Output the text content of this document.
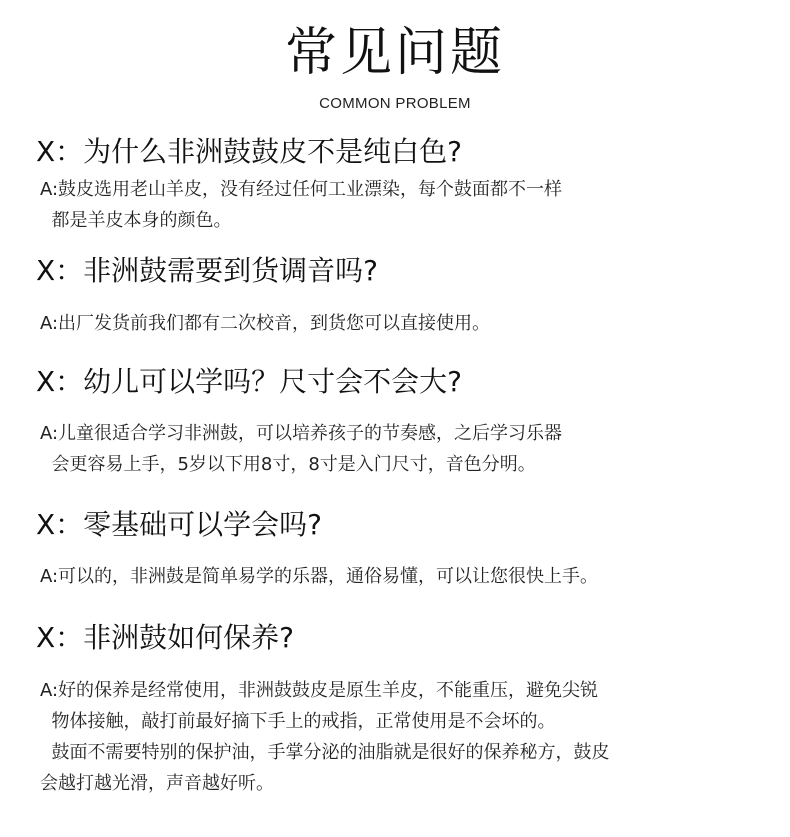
常见问题
COMMON PROBLEM
X：为什么非洲鼓鼓皮不是纯白色?
A:鼓皮选用老山羊皮，没有经过任何工业漂染，每个鼓面都不一样
都是羊皮本身的颜色。
X：非洲鼓需要到货调音吗?
A:出厂发货前我们都有二次校音，到货您可以直接使用。
X：幼儿可以学吗？尺寸会不会大?
A:儿童很适合学习非洲鼓，可以培养孩子的节奏感，之后学习乐器
会更容易上手，5岁以下用8寸，8寸是入门尺寸，音色分明。
X：零基础可以学会吗?
A:可以的，非洲鼓是简单易学的乐器，通俗易懂，可以让您很快上手。
X：非洲鼓如何保养?
A:好的保养是经常使用，非洲鼓鼓皮是原生羊皮，不能重压，避免尖锐
物体接触，敲打前最好摘下手上的戒指，正常使用是不会坏的。
鼓面不需要特别的保护油，手掌分泌的油脂就是很好的保养秘方，鼓皮
会越打越光滑，声音越好听。
